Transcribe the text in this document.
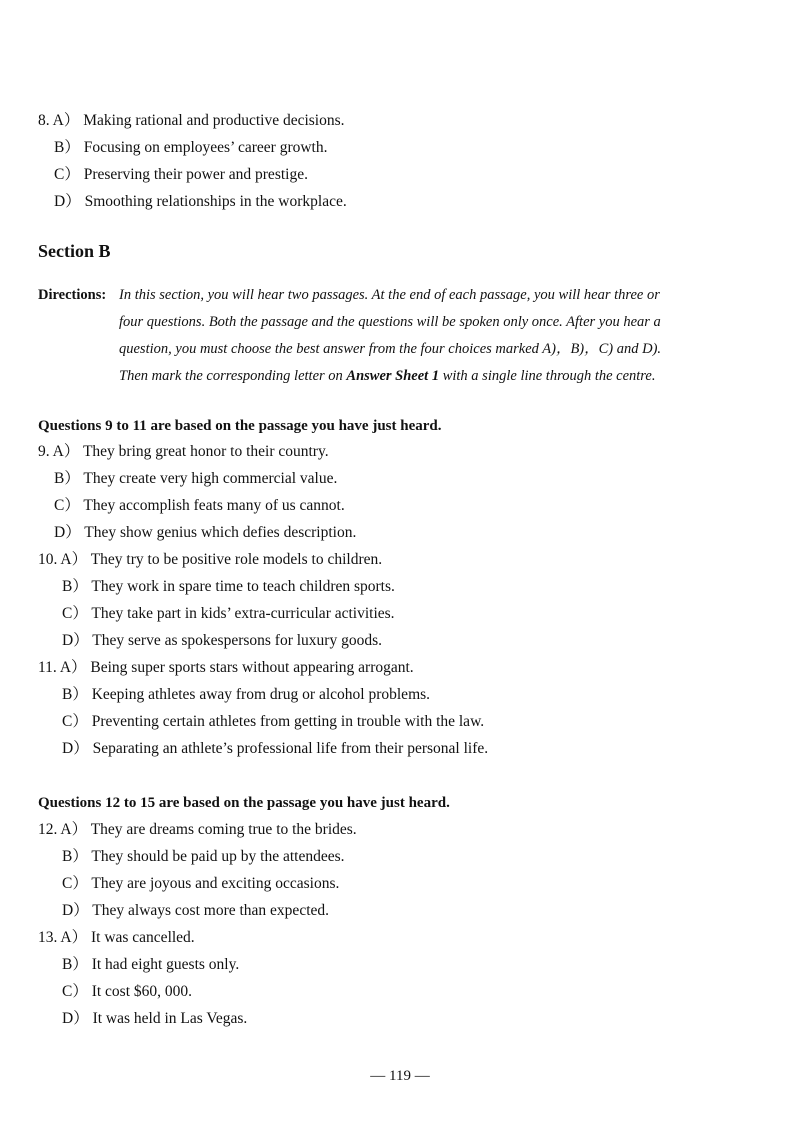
8. A） Making rational and productive decisions.
B） Focusing on employees’ career growth.
C） Preserving their power and prestige.
D） Smoothing relationships in the workplace.
Section B
Directions: In this section, you will hear two passages. At the end of each passage, you will hear three or
four questions. Both the passage and the questions will be spoken only once. After you hear a
question, you must choose the best answer from the four choices marked A)，B)，C) and D).
Then mark the corresponding letter on Answer Sheet 1 with a single line through the centre.
Questions 9 to 11 are based on the passage you have just heard.
9. A） They bring great honor to their country.
B） They create very high commercial value.
C） They accomplish feats many of us cannot.
D） They show genius which defies description.
10. A） They try to be positive role models to children.
B） They work in spare time to teach children sports.
C） They take part in kids’ extra-curricular activities.
D） They serve as spokespersons for luxury goods.
11. A） Being super sports stars without appearing arrogant.
B） Keeping athletes away from drug or alcohol problems.
C） Preventing certain athletes from getting in trouble with the law.
D） Separating an athlete’s professional life from their personal life.
Questions 12 to 15 are based on the passage you have just heard.
12. A） They are dreams coming true to the brides.
B） They should be paid up by the attendees.
C） They are joyous and exciting occasions.
D） They always cost more than expected.
13. A） It was cancelled.
B） It had eight guests only.
C） It cost $60, 000.
D） It was held in Las Vegas.
— 119 —
